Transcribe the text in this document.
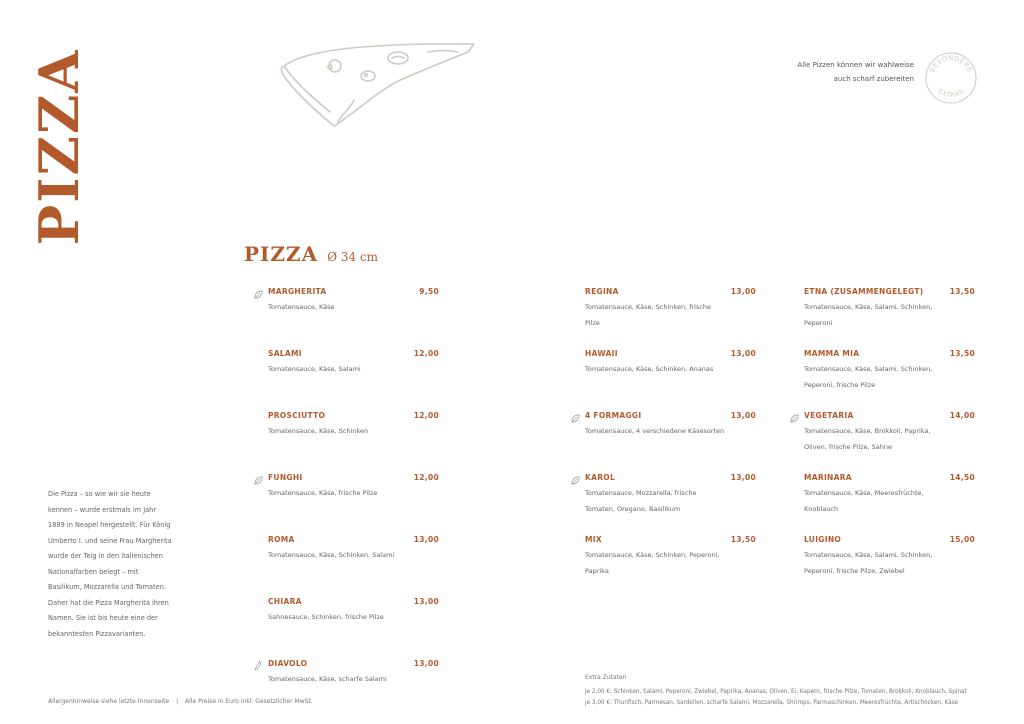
PIZZA	Alle Pizzen können wir wahlweise auch scharf zubereiten
BESONDERE
EXTRAS
PIZZA Ø 34 cm
MARGHERITA	9,50
Tomatensauce, Käse
SALAMI	12,00
Tomatensauce, Käse, Salami
PROSCIUTTO	12,00
Tomatensauce, Käse, Schinken
FUNGHI	12,00
Tomatensauce, Käse, frische Pilze
ROMA	13,00
Tomatensauce, Käse, Schinken, Salami
CHIARA	13,00
Sahnesauce, Schinken, frische Pilze
DIAVOLO	13,00
Tomatensauce, Käse, scharfe Salami
REGINA	13,00
Tomatensauce, Käse, Schinken, frische Pilze
HAWAII	13,00
Tomatensauce, Käse, Schinken, Ananas
4 FORMAGGI	13,00
Tomatensauce, 4 verschiedene Käsesorten
KAROL	13,00
Tomatensauce, Mozzarella, frische Tomaten, Oregano, Basilikum
MIX	13,50
Tomatensauce, Käse, Schinken, Peperoni, Paprika
ETNA (ZUSAMMENGELEGT)	13,50
Tomatensauce, Käse, Salami, Schinken, Peperoni
MAMMA MIA	13,50
Tomatensauce, Käse, Salami, Schinken, Peperoni, frische Pilze
VEGETARIA	14,00
Tomatensauce, Käse, Brokkoli, Paprika, Oliven, frische Pilze, Sahne
MARINARA	14,50
Tomatensauce, Käse, Meeresfrüchte, Knoblauch
LUIGINO	15,00
Tomatensauce, Käse, Salami, Schinken, Peperoni, frische Pilze, Zwiebel
Die Pizza – so wie wir sie heute kennen – wurde erstmals im Jahr 1889 in Neapel hergestellt. Für König Umberto I. und seine Frau Margherita wurde der Teig in den italienischen Nationalfarben belegt – mit Basilikum, Mozzarella und Tomaten. Daher hat die Pizza Margherita ihren Namen. Sie ist bis heute eine der bekanntesten Pizzavarianten.
Extra Zutaten
je 2,00 €: Schinken, Salami, Peperoni, Zwiebel, Paprika, Ananas, Oliven, Ei, Kapern, frische Pilze, Tomaten, Brokkoli, Knoblauch, Spinat
je 3,00 €: Thunfisch, Parmesan, Sardellen, scharfe Salami, Mozzarella, Shrimps, Parmaschinken, Meeresfrüchte, Artischocken, Käse
Allergenhinweise siehe letzte Innenseite | Alle Preise in Euro inkl. Gesetzlicher MwSt.
